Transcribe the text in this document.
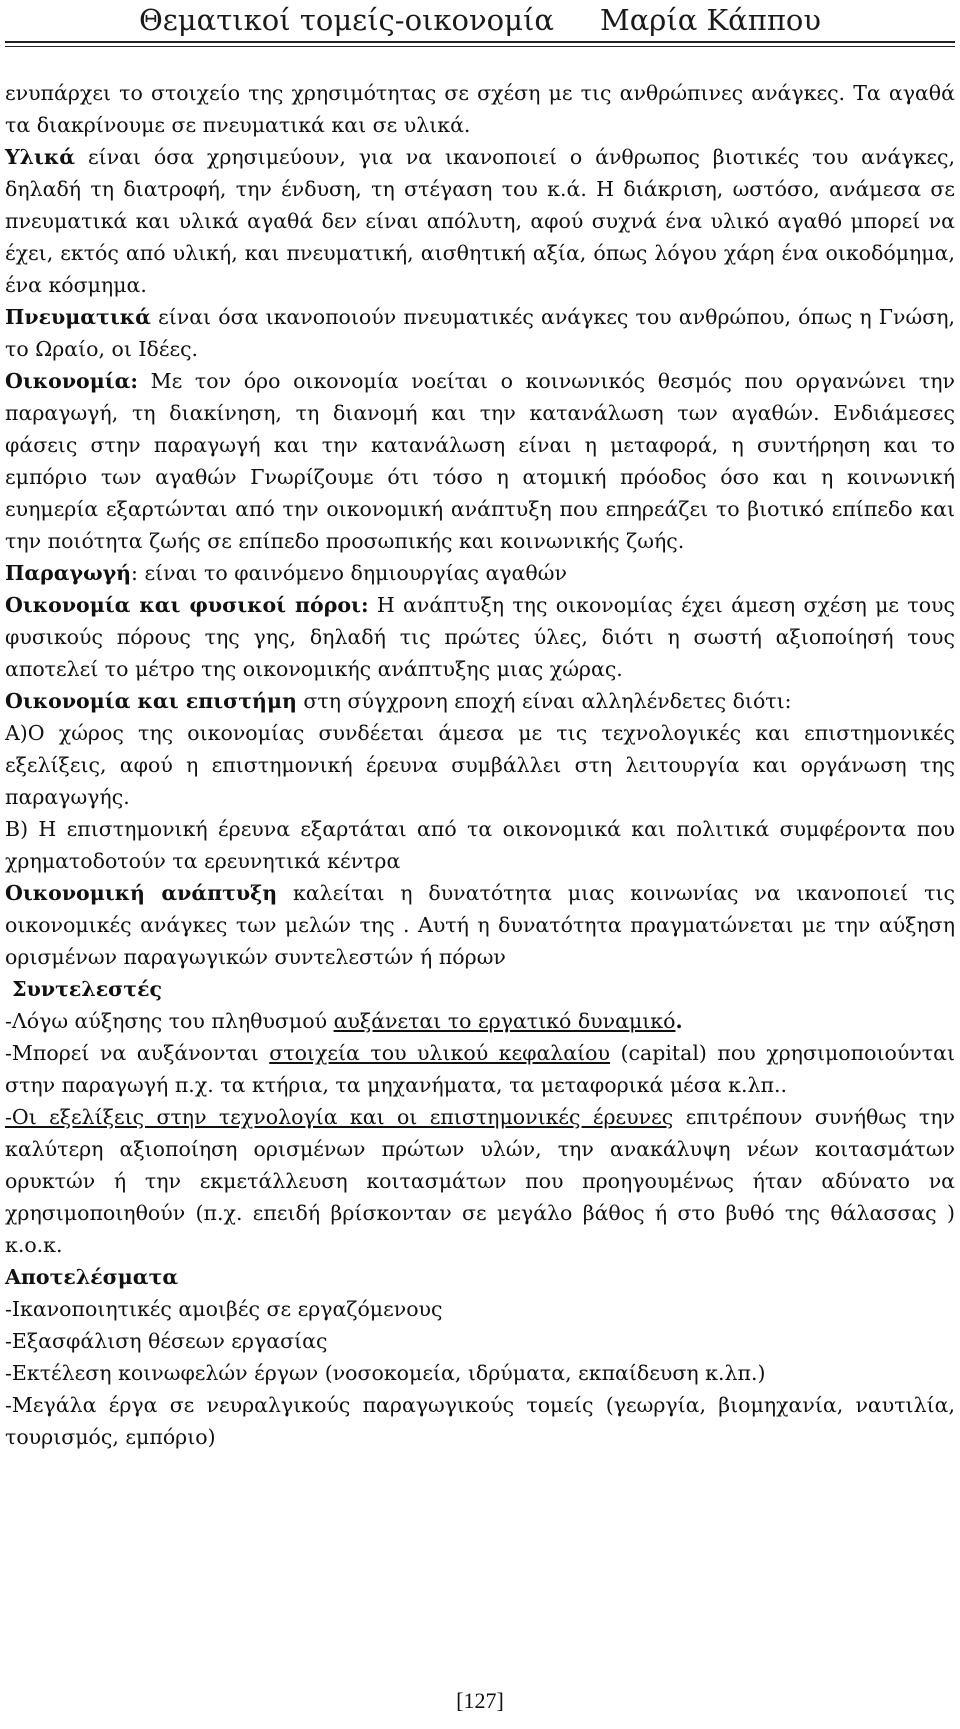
Θεματικοί τομείς-οικονομία Μαρία Κάππου

ενυπάρχει το στοιχείο της χρησιμότητας σε σχέση με τις ανθρώπινες ανάγκες. Τα αγαθά τα διακρίνουμε σε πνευματικά και σε υλικά.

Υλικά είναι όσα χρησιμεύουν, για να ικανοποιεί ο άνθρωπος βιοτικές του ανάγκες, δηλαδή τη διατροφή, την ένδυση, τη στέγαση του κ.ά. Η διάκριση, ωστόσο, ανάμεσα σε πνευματικά και υλικά αγαθά δεν είναι απόλυτη, αφού συχνά ένα υλικό αγαθό μπορεί να έχει, εκτός από υλική, και πνευματική, αισθητική αξία, όπως λόγου χάρη ένα οικοδόμημα, ένα κόσμημα.

Πνευματικά είναι όσα ικανοποιούν πνευματικές ανάγκες του ανθρώπου, όπως η Γνώση, το Ωραίο, οι Ιδέες.

Οικονομία: Με τον όρο οικονομία νοείται ο κοινωνικός θεσμός που οργανώνει την παραγωγή, τη διακίνηση, τη διανομή και την κατανάλωση των αγαθών. Ενδιάμεσες φάσεις στην παραγωγή και την κατανάλωση είναι η μεταφορά, η συντήρηση και το εμπόριο των αγαθών Γνωρίζουμε ότι τόσο η ατομική πρόοδος όσο και η κοινωνική ευημερία εξαρτώνται από την οικονομική ανάπτυξη που επηρεάζει το βιοτικό επίπεδο και την ποιότητα ζωής σε επίπεδο προσωπικής και κοινωνικής ζωής.

Παραγωγή: είναι το φαινόμενο δημιουργίας αγαθών

Οικονομία και φυσικοί πόροι: Η ανάπτυξη της οικονομίας έχει άμεση σχέση με τους φυσικούς πόρους της γης, δηλαδή τις πρώτες ύλες, διότι η σωστή αξιοποίησή τους αποτελεί το μέτρο της οικονομικής ανάπτυξης μιας χώρας.

Οικονομία και επιστήμη στη σύγχρονη εποχή είναι αλληλένδετες διότι:

Α)Ο χώρος της οικονομίας συνδέεται άμεσα με τις τεχνολογικές και επιστημονικές εξελίξεις, αφού η επιστημονική έρευνα συμβάλλει στη λειτουργία και οργάνωση της παραγωγής.

Β) Η επιστημονική έρευνα εξαρτάται από τα οικονομικά και πολιτικά συμφέροντα που χρηματοδοτούν τα ερευνητικά κέντρα

Οικονομική ανάπτυξη καλείται η δυνατότητα μιας κοινωνίας να ικανοποιεί τις οικονομικές ανάγκες των μελών της . Αυτή η δυνατότητα πραγματώνεται με την αύξηση ορισμένων παραγωγικών συντελεστών ή πόρων

Συντελεστές

-Λόγω αύξησης του πληθυσμού αυξάνεται το εργατικό δυναμικό.

-Μπορεί να αυξάνονται στοιχεία του υλικού κεφαλαίου (capital) που χρησιμοποιούνται στην παραγωγή π.χ. τα κτήρια, τα μηχανήματα, τα μεταφορικά μέσα κ.λπ..

-Οι εξελίξεις στην τεχνολογία και οι επιστημονικές έρευνες επιτρέπουν συνήθως την καλύτερη αξιοποίηση ορισμένων πρώτων υλών, την ανακάλυψη νέων κοιτασμάτων ορυκτών ή την εκμετάλλευση κοιτασμάτων που προηγουμένως ήταν αδύνατο να χρησιμοποιηθούν (π.χ. επειδή βρίσκονταν σε μεγάλο βάθος ή στο βυθό της θάλασσας ) κ.ο.κ.

Αποτελέσματα

-Ικανοποιητικές αμοιβές σε εργαζόμενους

-Εξασφάλιση θέσεων εργασίας

-Εκτέλεση κοινωφελών έργων (νοσοκομεία, ιδρύματα, εκπαίδευση κ.λπ.)

-Μεγάλα έργα σε νευραλγικούς παραγωγικούς τομείς (γεωργία, βιομηχανία, ναυτιλία, τουρισμός, εμπόριο)

[127]
